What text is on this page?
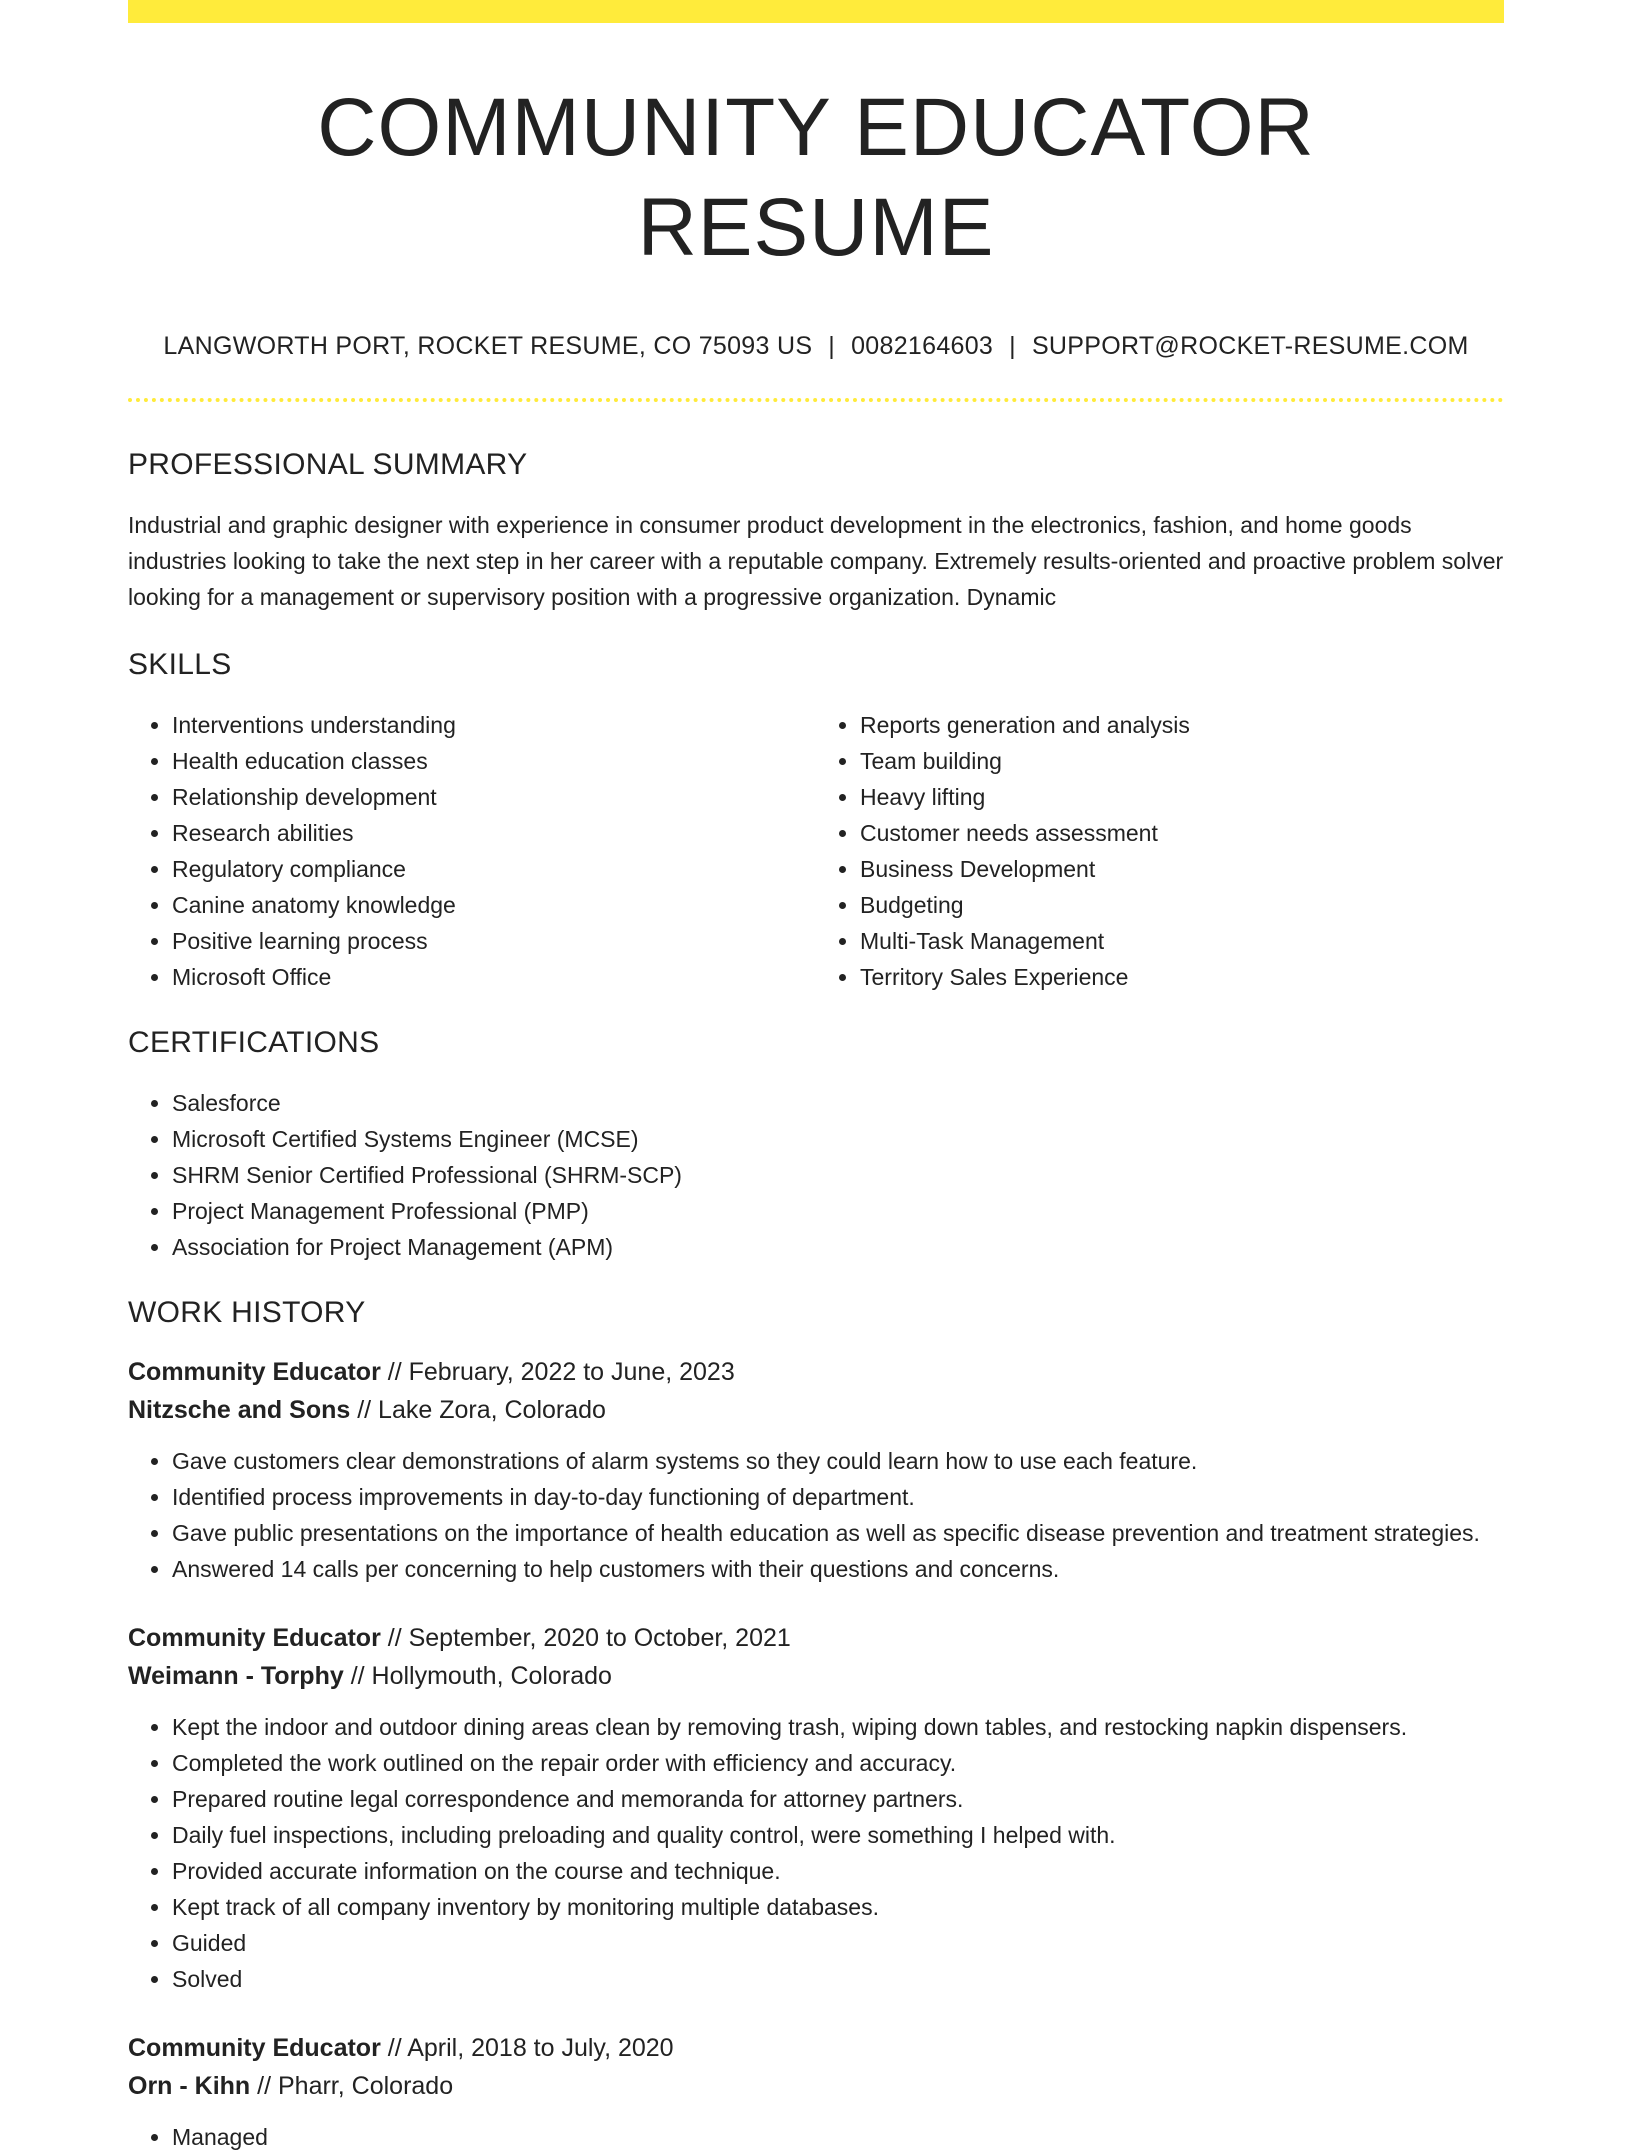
COMMUNITY EDUCATOR RESUME
LANGWORTH PORT, ROCKET RESUME, CO 75093 US | 0082164603 | SUPPORT@ROCKET-RESUME.COM
PROFESSIONAL SUMMARY
Industrial and graphic designer with experience in consumer product development in the electronics, fashion, and home goods industries looking to take the next step in her career with a reputable company. Extremely results-oriented and proactive problem solver looking for a management or supervisory position with a progressive organization. Dynamic
SKILLS
• Interventions understanding
• Health education classes
• Relationship development
• Research abilities
• Regulatory compliance
• Canine anatomy knowledge
• Positive learning process
• Microsoft Office
• Reports generation and analysis
• Team building
• Heavy lifting
• Customer needs assessment
• Business Development
• Budgeting
• Multi-Task Management
• Territory Sales Experience
CERTIFICATIONS
• Salesforce
• Microsoft Certified Systems Engineer (MCSE)
• SHRM Senior Certified Professional (SHRM-SCP)
• Project Management Professional (PMP)
• Association for Project Management (APM)
WORK HISTORY
Community Educator // February, 2022 to June, 2023
Nitzsche and Sons // Lake Zora, Colorado
• Gave customers clear demonstrations of alarm systems so they could learn how to use each feature.
• Identified process improvements in day-to-day functioning of department.
• Gave public presentations on the importance of health education as well as specific disease prevention and treatment strategies.
• Answered 14 calls per concerning to help customers with their questions and concerns.
Community Educator // September, 2020 to October, 2021
Weimann - Torphy // Hollymouth, Colorado
• Kept the indoor and outdoor dining areas clean by removing trash, wiping down tables, and restocking napkin dispensers.
• Completed the work outlined on the repair order with efficiency and accuracy.
• Prepared routine legal correspondence and memoranda for attorney partners.
• Daily fuel inspections, including preloading and quality control, were something I helped with.
• Provided accurate information on the course and technique.
• Kept track of all company inventory by monitoring multiple databases.
• Guided
• Solved
Community Educator // April, 2018 to July, 2020
Orn - Kihn // Pharr, Colorado
• Managed
